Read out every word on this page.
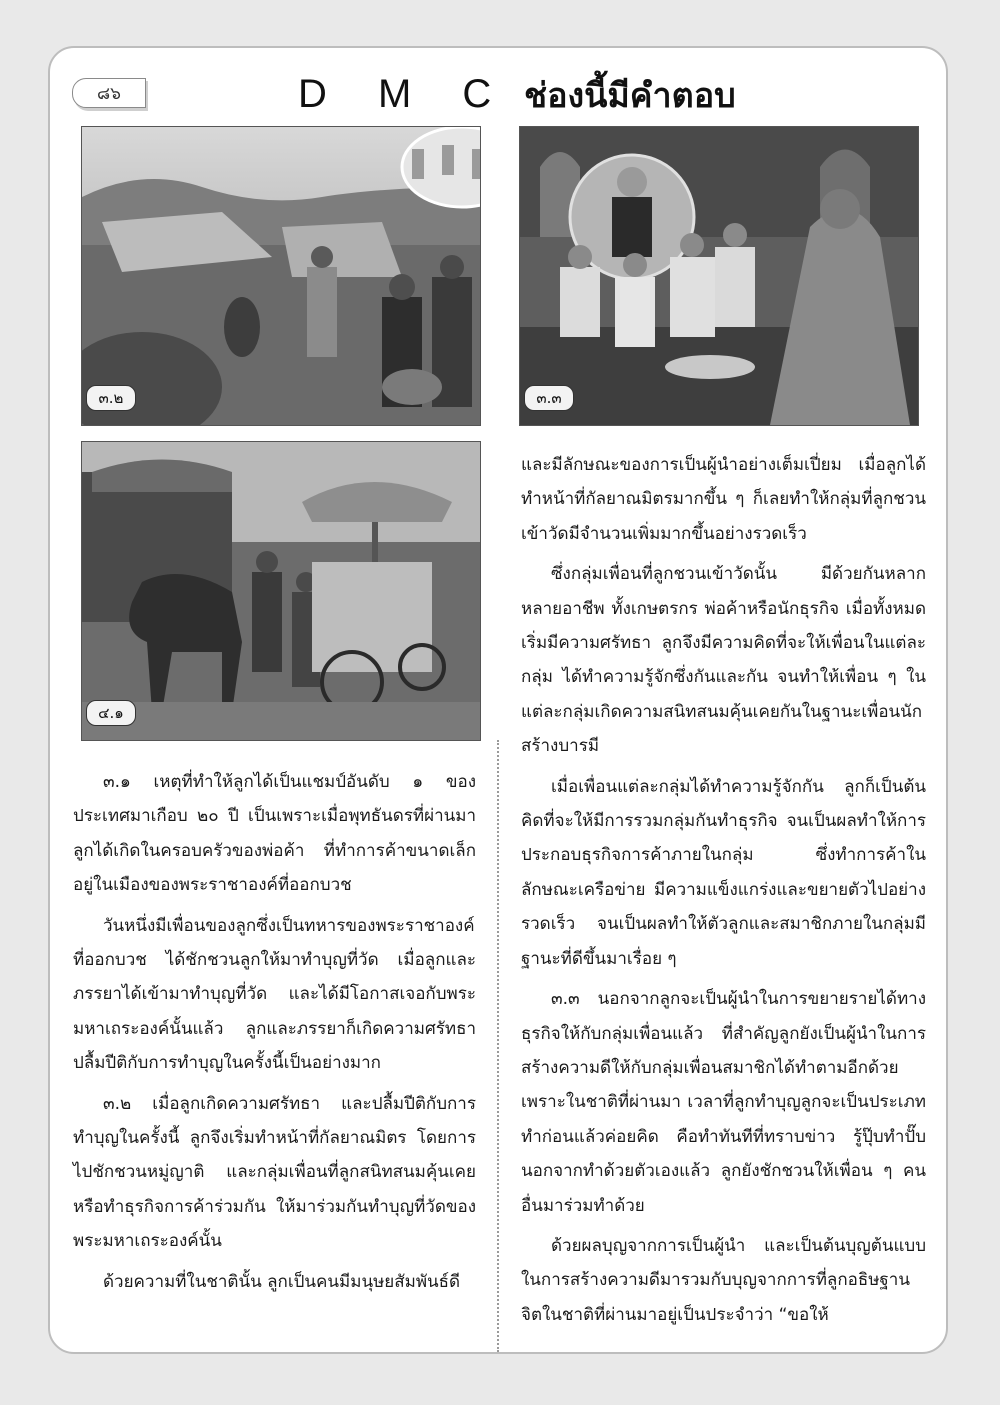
๘๖	D M C ช่องนี้มีคำตอบ
๓.๒	๓.๓
๔.๑

๓.๑ เหตุที่ทำให้ลูกได้เป็นแชมป์อันดับ ๑ ของประเทศมาเกือบ ๒๐ ปี เป็นเพราะเมื่อพุทธันดรที่ผ่านมา ลูกได้เกิดในครอบครัวของพ่อค้า ที่ทำการค้าขนาดเล็กอยู่ในเมืองของพระราชาองค์ที่ออกบวช

วันหนึ่งมีเพื่อนของลูกซึ่งเป็นทหารของพระราชาองค์ที่ออกบวช ได้ชักชวนลูกให้มาทำบุญที่วัด เมื่อลูกและภรรยาได้เข้ามาทำบุญที่วัด และได้มีโอกาสเจอกับพระมหาเถระองค์นั้นแล้ว ลูกและภรรยาก็เกิดความศรัทธา ปลื้มปีติกับการทำบุญในครั้งนี้เป็นอย่างมาก

๓.๒ เมื่อลูกเกิดความศรัทธา และปลื้มปีติกับการทำบุญในครั้งนี้ ลูกจึงเริ่มทำหน้าที่กัลยาณมิตร โดยการไปชักชวนหมู่ญาติ และกลุ่มเพื่อนที่ลูกสนิทสนมคุ้นเคย หรือทำธุรกิจการค้าร่วมกัน ให้มาร่วมกันทำบุญที่วัดของพระมหาเถระองค์นั้น

ด้วยความที่ในชาตินั้น ลูกเป็นคนมีมนุษยสัมพันธ์ดี

และมีลักษณะของการเป็นผู้นำอย่างเต็มเปี่ยม เมื่อลูกได้ทำหน้าที่กัลยาณมิตรมากขึ้น ๆ ก็เลยทำให้กลุ่มที่ลูกชวนเข้าวัดมีจำนวนเพิ่มมากขึ้นอย่างรวดเร็ว

ซึ่งกลุ่มเพื่อนที่ลูกชวนเข้าวัดนั้น มีด้วยกันหลากหลายอาชีพ ทั้งเกษตรกร พ่อค้าหรือนักธุรกิจ เมื่อทั้งหมดเริ่มมีความศรัทธา ลูกจึงมีความคิดที่จะให้เพื่อนในแต่ละกลุ่ม ได้ทำความรู้จักซึ่งกันและกัน จนทำให้เพื่อน ๆ ในแต่ละกลุ่มเกิดความสนิทสนมคุ้นเคยกันในฐานะเพื่อนนักสร้างบารมี

เมื่อเพื่อนแต่ละกลุ่มได้ทำความรู้จักกัน ลูกก็เป็นต้นคิดที่จะให้มีการรวมกลุ่มกันทำธุรกิจ จนเป็นผลทำให้การประกอบธุรกิจการค้าภายในกลุ่ม ซึ่งทำการค้าในลักษณะเครือข่าย มีความแข็งแกร่งและขยายตัวไปอย่างรวดเร็ว จนเป็นผลทำให้ตัวลูกและสมาชิกภายในกลุ่มมีฐานะที่ดีขึ้นมาเรื่อย ๆ

๓.๓ นอกจากลูกจะเป็นผู้นำในการขยายรายได้ทางธุรกิจให้กับกลุ่มเพื่อนแล้ว ที่สำคัญลูกยังเป็นผู้นำในการสร้างความดีให้กับกลุ่มเพื่อนสมาชิกได้ทำตามอีกด้วย เพราะในชาติที่ผ่านมา เวลาที่ลูกทำบุญลูกจะเป็นประเภททำก่อนแล้วค่อยคิด คือทำทันทีที่ทราบข่าว รู้ปุ๊บทำปั๊บ นอกจากทำด้วยตัวเองแล้ว ลูกยังชักชวนให้เพื่อน ๆ คนอื่นมาร่วมทำด้วย

ด้วยผลบุญจากการเป็นผู้นำ และเป็นต้นบุญต้นแบบในการสร้างความดีมารวมกับบุญจากการที่ลูกอธิษฐานจิตในชาติที่ผ่านมาอยู่เป็นประจำว่า “ขอให้
